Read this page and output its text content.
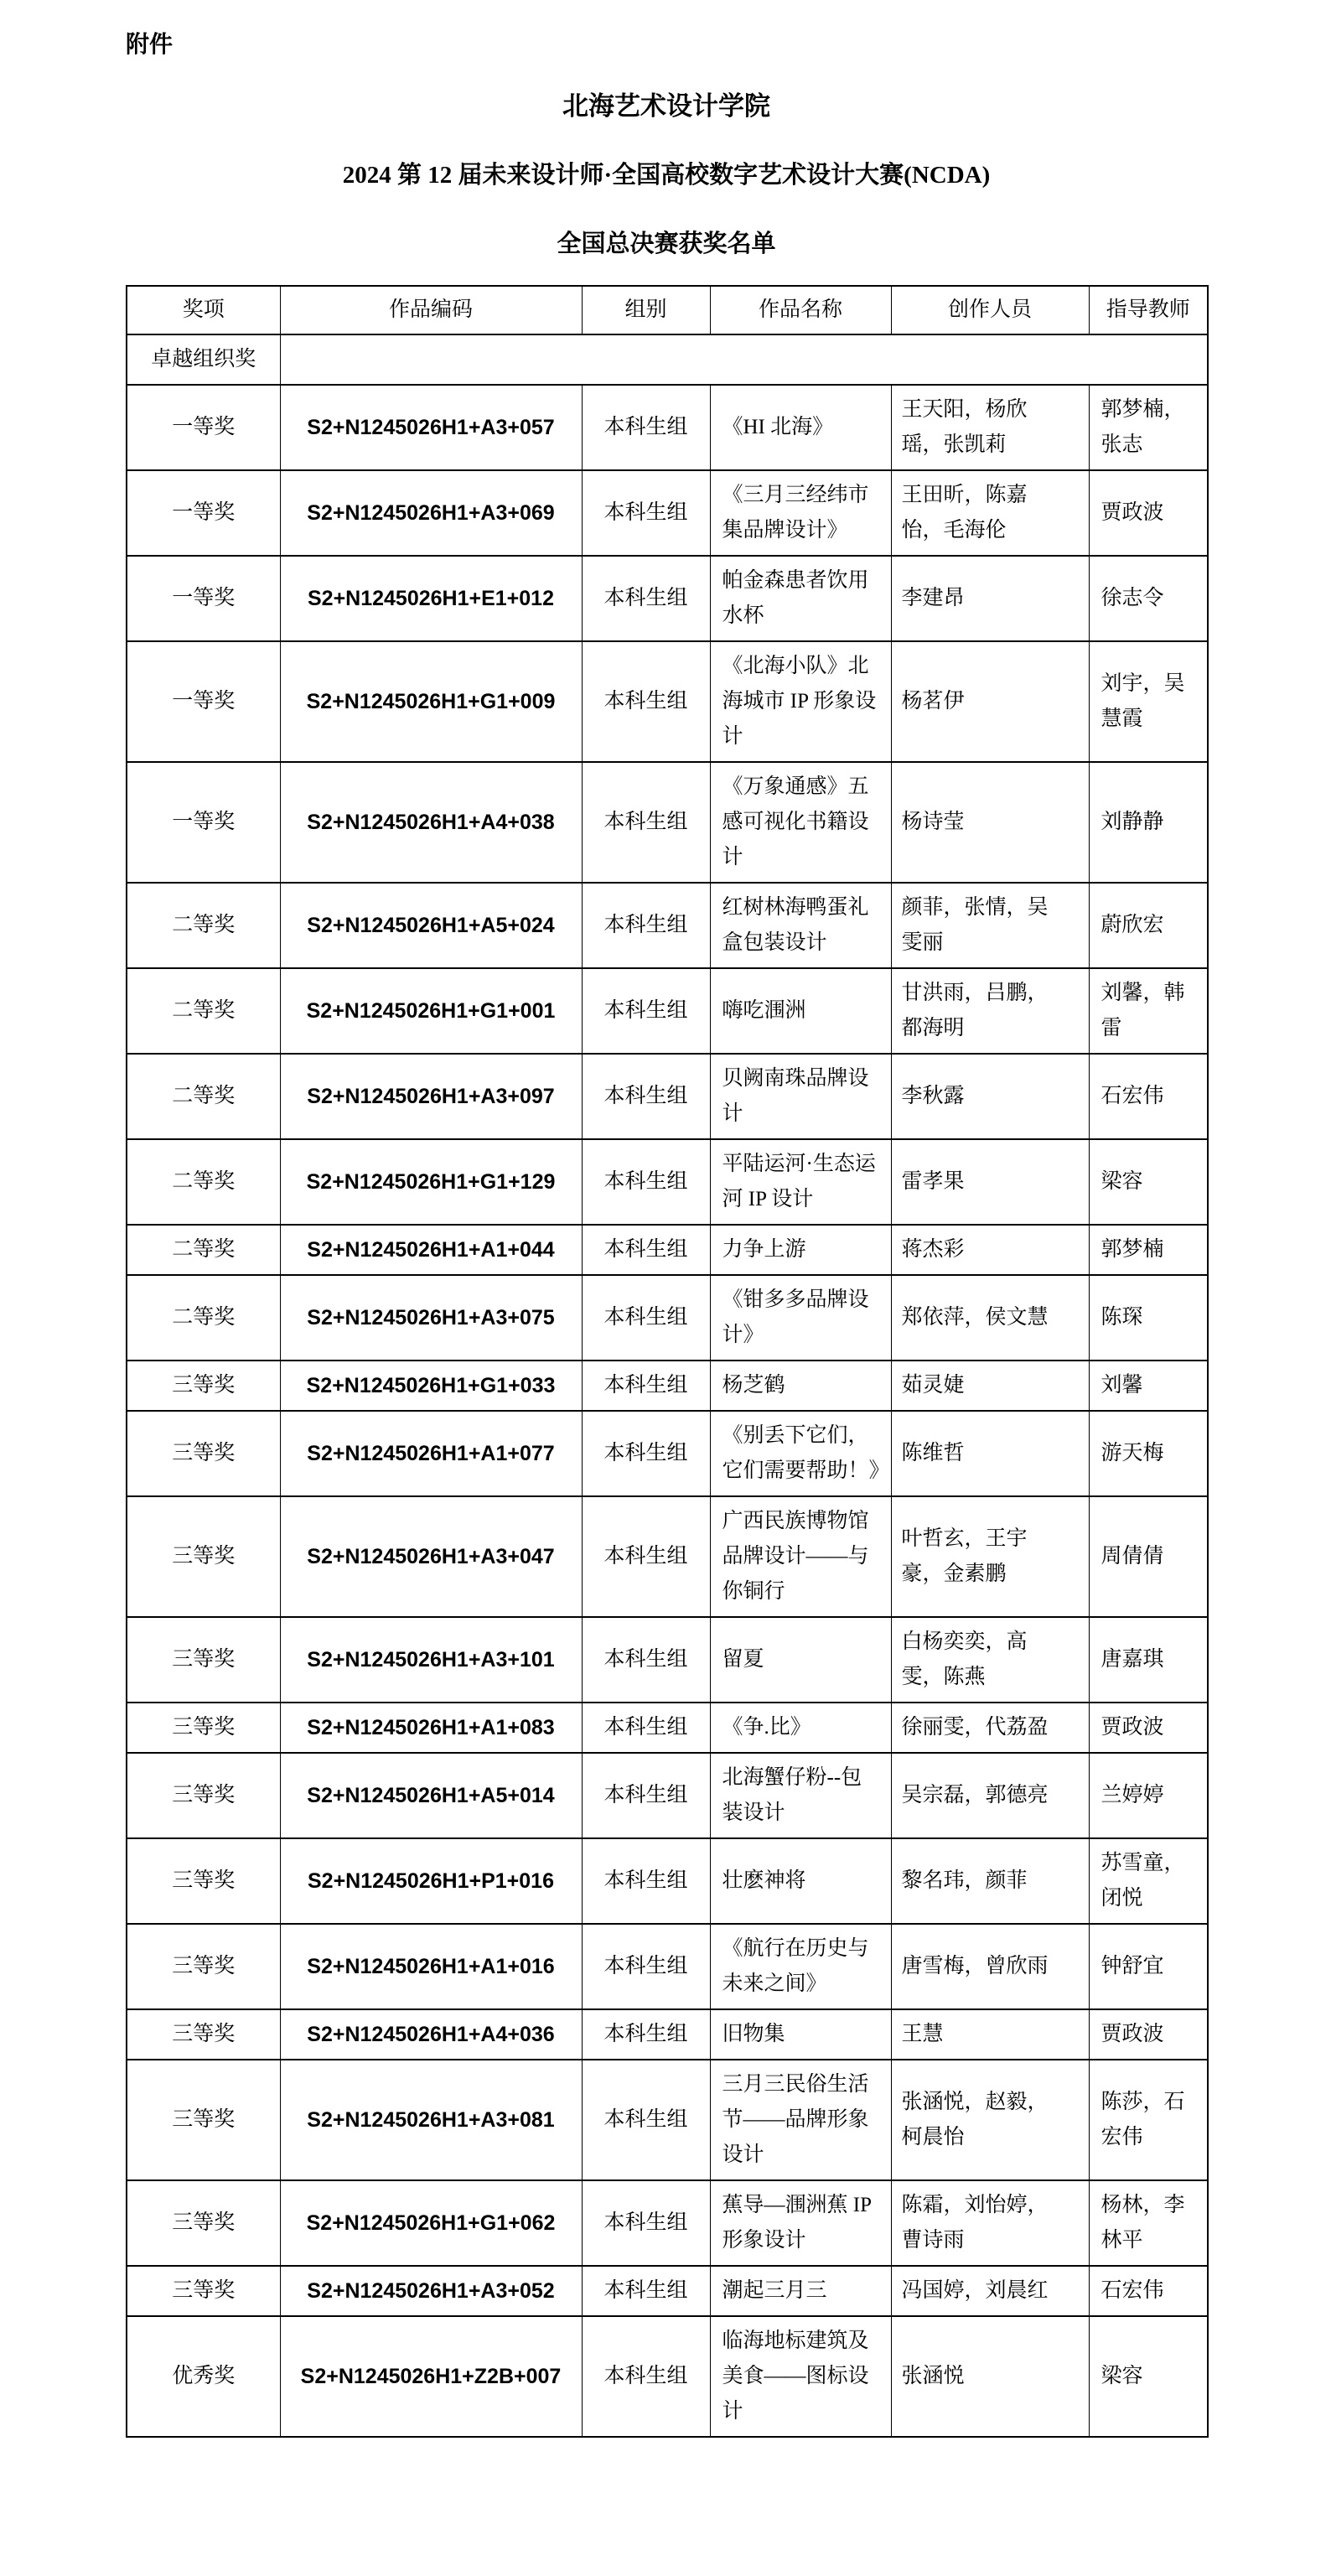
附件
北海艺术设计学院
2024 第 12 届未来设计师·全国高校数字艺术设计大赛(NCDA)
全国总决赛获奖名单
奖项	作品编码	组别	作品名称	创作人员	指导教师
卓越组织奖					
一等奖	S2+N1245026H1+A3+057	本科生组	《HI 北海》	王天阳，杨欣瑶，张凯莉	郭梦楠，张志
一等奖	S2+N1245026H1+A3+069	本科生组	《三月三经纬市集品牌设计》	王田昕，陈嘉怡，毛海伦	贾政波
一等奖	S2+N1245026H1+E1+012	本科生组	帕金森患者饮用水杯	李建昂	徐志令
一等奖	S2+N1245026H1+G1+009	本科生组	《北海小队》北海城市 IP 形象设计	杨茗伊	刘宇，吴慧霞
一等奖	S2+N1245026H1+A4+038	本科生组	《万象通感》五感可视化书籍设计	杨诗莹	刘静静
二等奖	S2+N1245026H1+A5+024	本科生组	红树林海鸭蛋礼盒包装设计	颜菲，张情，吴雯丽	蔚欣宏
二等奖	S2+N1245026H1+G1+001	本科生组	嗨吃涠洲	甘洪雨，吕鹏，都海明	刘馨，韩雷
二等奖	S2+N1245026H1+A3+097	本科生组	贝阙南珠品牌设计	李秋露	石宏伟
二等奖	S2+N1245026H1+G1+129	本科生组	平陆运河·生态运河 IP 设计	雷孝果	梁容
二等奖	S2+N1245026H1+A1+044	本科生组	力争上游	蒋杰彩	郭梦楠
二等奖	S2+N1245026H1+A3+075	本科生组	《钳多多品牌设计》	郑依萍，侯文慧	陈琛
三等奖	S2+N1245026H1+G1+033	本科生组	杨芝鹤	茹灵婕	刘馨
三等奖	S2+N1245026H1+A1+077	本科生组	《别丢下它们，它们需要帮助！》	陈维哲	游天梅
三等奖	S2+N1245026H1+A3+047	本科生组	广西民族博物馆品牌设计——与你铜行	叶哲玄，王宇豪，金素鹏	周倩倩
三等奖	S2+N1245026H1+A3+101	本科生组	留夏	白杨奕奕，高雯，陈燕	唐嘉琪
三等奖	S2+N1245026H1+A1+083	本科生组	《争.比》	徐丽雯，代荔盈	贾政波
三等奖	S2+N1245026H1+A5+014	本科生组	北海蟹仔粉--包装设计	吴宗磊，郭德亮	兰婷婷
三等奖	S2+N1245026H1+P1+016	本科生组	壮麽神将	黎名玮，颜菲	苏雪童，闭悦
三等奖	S2+N1245026H1+A1+016	本科生组	《航行在历史与未来之间》	唐雪梅，曾欣雨	钟舒宜
三等奖	S2+N1245026H1+A4+036	本科生组	旧物集	王慧	贾政波
三等奖	S2+N1245026H1+A3+081	本科生组	三月三民俗生活节——品牌形象设计	张涵悦，赵毅，柯晨怡	陈莎，石宏伟
三等奖	S2+N1245026H1+G1+062	本科生组	蕉导—涠洲蕉 IP 形象设计	陈霜，刘怡婷，曹诗雨	杨林，李林平
三等奖	S2+N1245026H1+A3+052	本科生组	潮起三月三	冯国婷，刘晨红	石宏伟
优秀奖	S2+N1245026H1+Z2B+007	本科生组	临海地标建筑及美食——图标设计	张涵悦	梁容
